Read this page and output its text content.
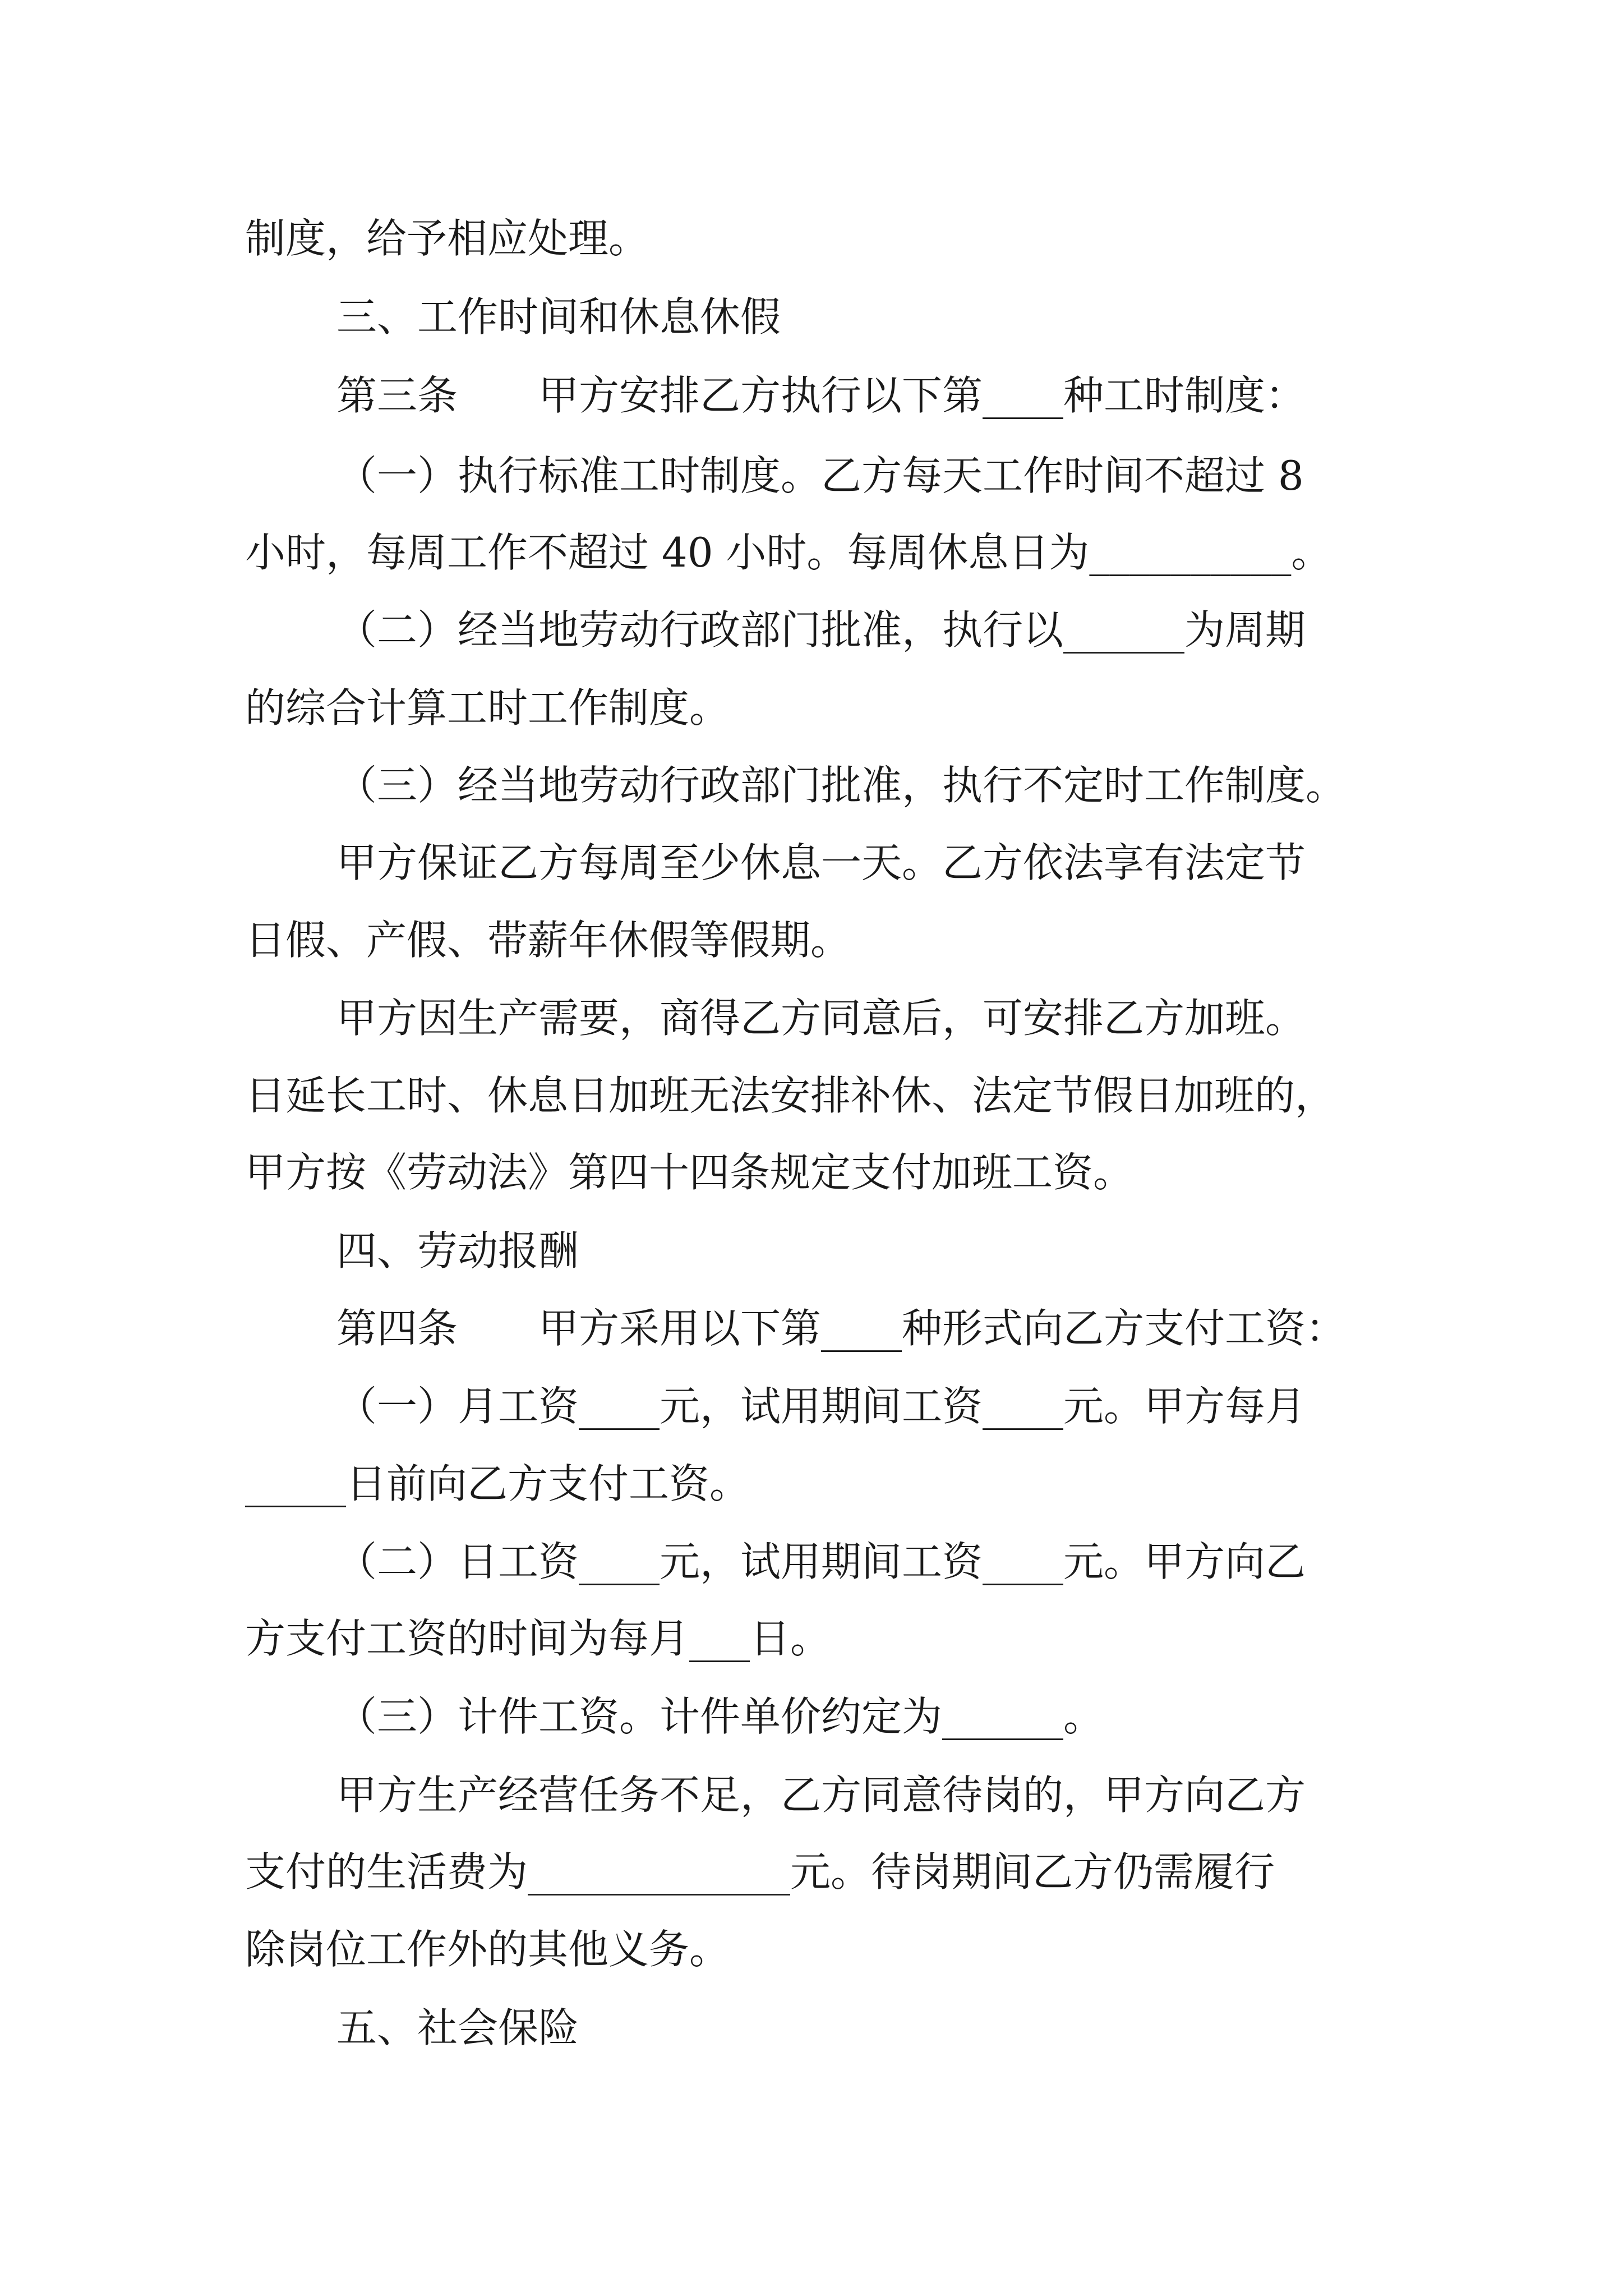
制度，给予相应处理。

三、工作时间和休息休假

第三条　　甲方安排乙方执行以下第____种工时制度：

（一）执行标准工时制度。乙方每天工作时间不超过 8

小时，每周工作不超过 40 小时。每周休息日为__________。

（二）经当地劳动行政部门批准，执行以______为周期

的综合计算工时工作制度。

（三）经当地劳动行政部门批准，执行不定时工作制度。

甲方保证乙方每周至少休息一天。乙方依法享有法定节

日假、产假、带薪年休假等假期。

甲方因生产需要，商得乙方同意后，可安排乙方加班。

日延长工时、休息日加班无法安排补休、法定节假日加班的，

甲方按《劳动法》第四十四条规定支付加班工资。

四、劳动报酬

第四条　　甲方采用以下第____种形式向乙方支付工资：

（一）月工资____元，试用期间工资____元。甲方每月

_____日前向乙方支付工资。

（二）日工资____元，试用期间工资____元。甲方向乙

方支付工资的时间为每月___日。

（三）计件工资。计件单价约定为______。

甲方生产经营任务不足，乙方同意待岗的，甲方向乙方

支付的生活费为_____________元。待岗期间乙方仍需履行

除岗位工作外的其他义务。

五、社会保险
